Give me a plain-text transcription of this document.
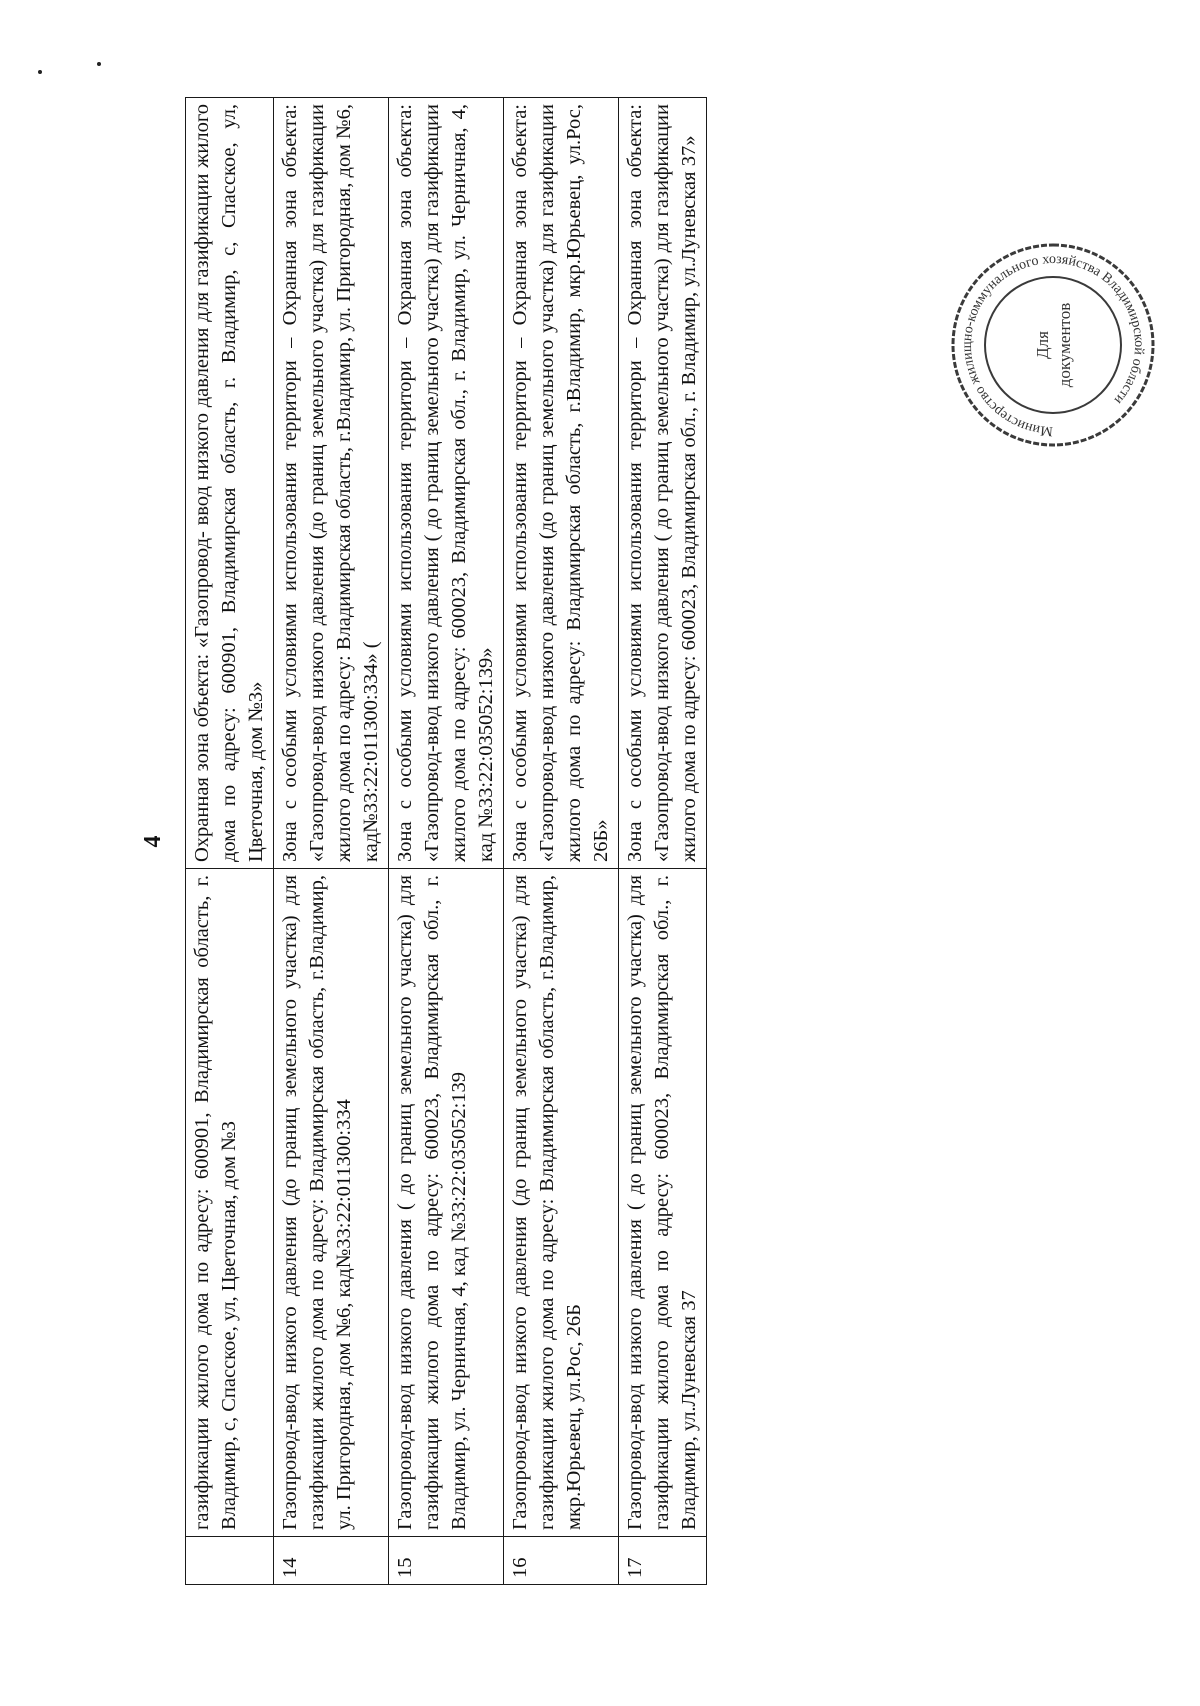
4
	газификации жилого дома по адресу: 600901, Владимирская область, г. Владимир, с, Спасское, ул, Цветочная, дом №3	Охранная зона объекта: «Газопровод- ввод низкого давления для газификации жилого дома по адресу: 600901, Владимирская область, г. Владимир, с, Спасское, ул, Цветочная, дом №3»
14	Газопровод-ввод низкого давления (до границ земельного участка) для газификации жилого дома по адресу: Владимирская область, г.Владимир, ул. Пригородная, дом №6, кад№33:22:011300:334	Зона с особыми условиями использования территори – Охранная зона объекта: «Газопровод-ввод низкого давления (до границ земельного участка) для газификации жилого дома по адресу: Владимирская область, г.Владимир, ул. Пригородная, дом №6, кад№33:22:011300:334» (
15	Газопровод-ввод низкого давления ( до границ земельного участка) для газификации жилого дома по адресу: 600023, Владимирская обл., г. Владимир, ул. Черничная, 4, кад №33:22:035052:139	Зона с особыми условиями использования территори – Охранная зона объекта: «Газопровод-ввод низкого давления ( до границ земельного участка) для газификации жилого дома по адресу: 600023, Владимирская обл., г. Владимир, ул. Черничная, 4, кад №33:22:035052:139»
16	Газопровод-ввод низкого давления (до границ земельного участка) для газификации жилого дома по адресу: Владимирская область, г.Владимир, мкр.Юрьевец, ул.Рос, 26Б	Зона с особыми условиями использования территори – Охранная зона объекта: «Газопровод-ввод низкого давления (до границ земельного участка) для газификации жилого дома по адресу: Владимирская область, г.Владимир, мкр.Юрьевец, ул.Рос, 26Б»
17	Газопровод-ввод низкого давления ( до границ земельного участка) для газификации жилого дома по адресу: 600023, Владимирская обл., г. Владимир, ул.Луневская 37	Зона с особыми условиями использования территори – Охранная зона объекта: «Газопровод-ввод низкого давления ( до границ земельного участка) для газификации жилого дома по адресу: 600023, Владимирская обл., г. Владимир, ул.Луневская 37»	Министерство жилищно-коммунального хозяйства Владимирской области
Для документов
